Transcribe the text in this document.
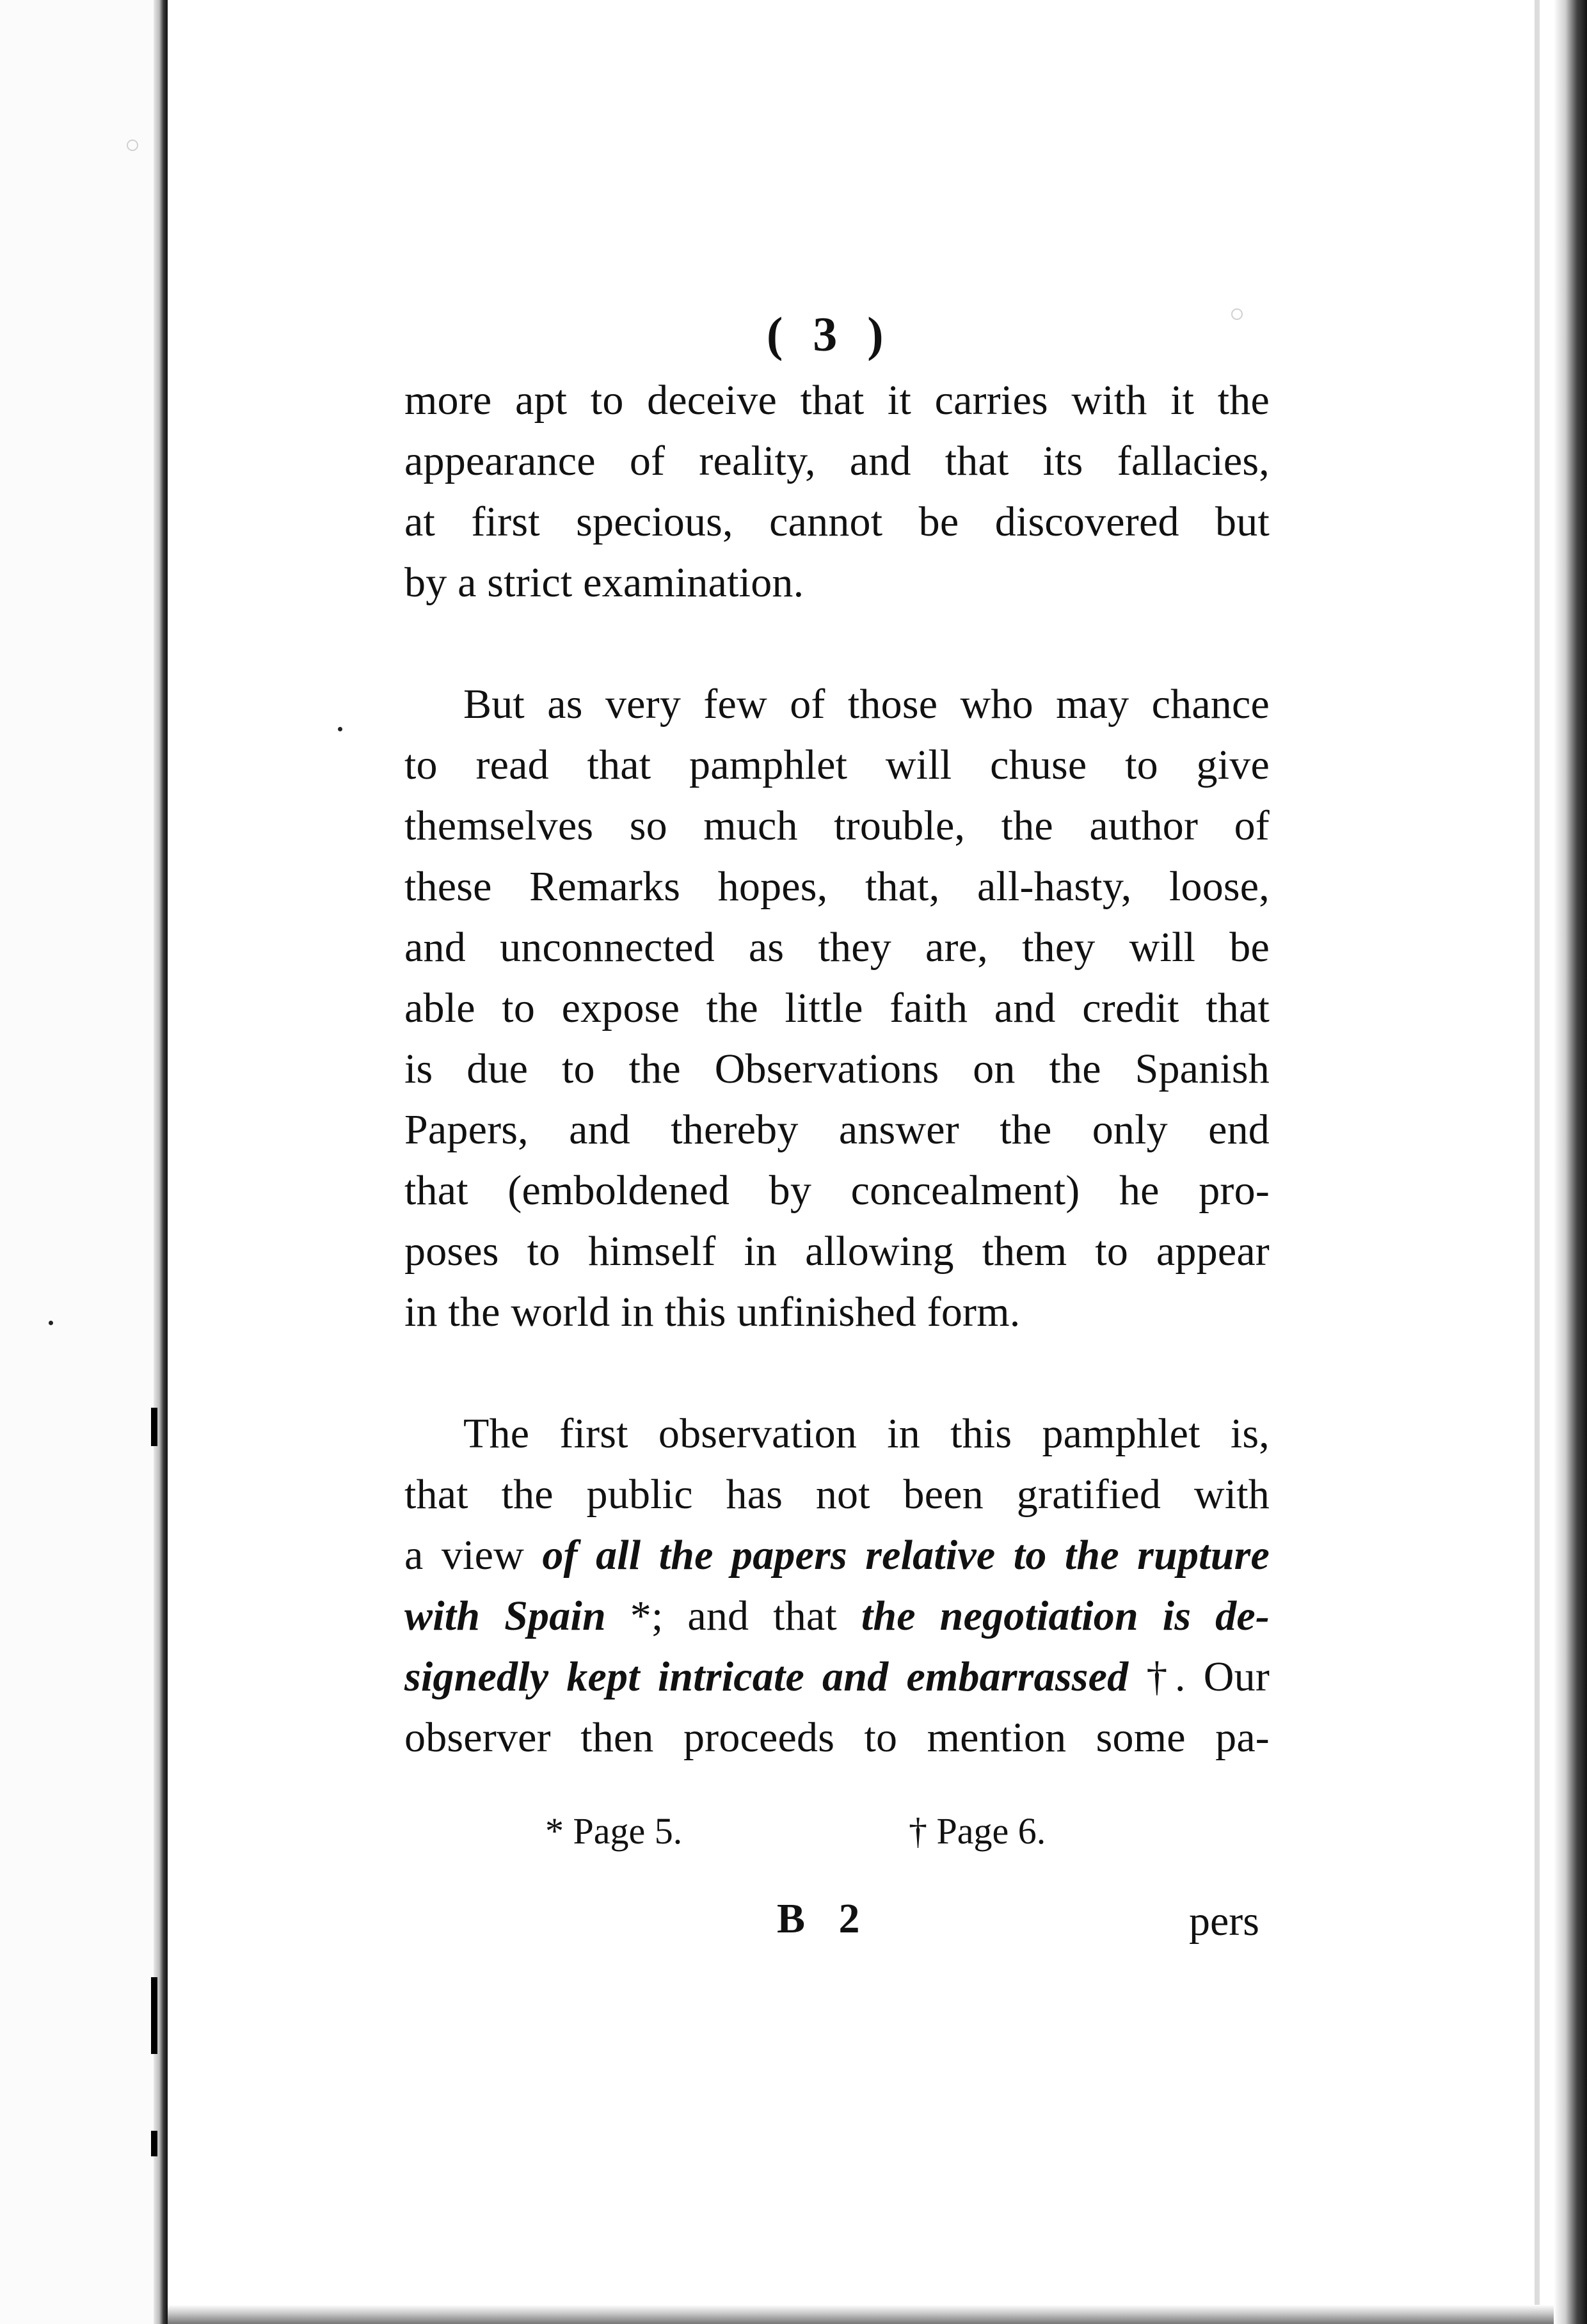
( 3 )
more apt to deceive that it carries with it the
appearance of reality, and that its fallacies,
at first specious, cannot be discovered but
by a strict examination.
But as very few of those who may chance
to read that pamphlet will chuse to give
themselves so much trouble, the author of
these Remarks hopes, that, all-hasty, loose,
and unconnected as they are, they will be
able to expose the little faith and credit that
is due to the Observations on the Spanish
Papers, and thereby answer the only end
that (emboldened by concealment) he pro-
poses to himself in allowing them to appear
in the world in this unfinished form.
The first observation in this pamphlet is,
that the public has not been gratified with
a view of all the papers relative to the rupture
with Spain *; and that the negotiation is de-
signedly kept intricate and embarrassed †. Our
observer then proceeds to mention some pa-
* Page 5.	† Page 6.
B 2	pers
